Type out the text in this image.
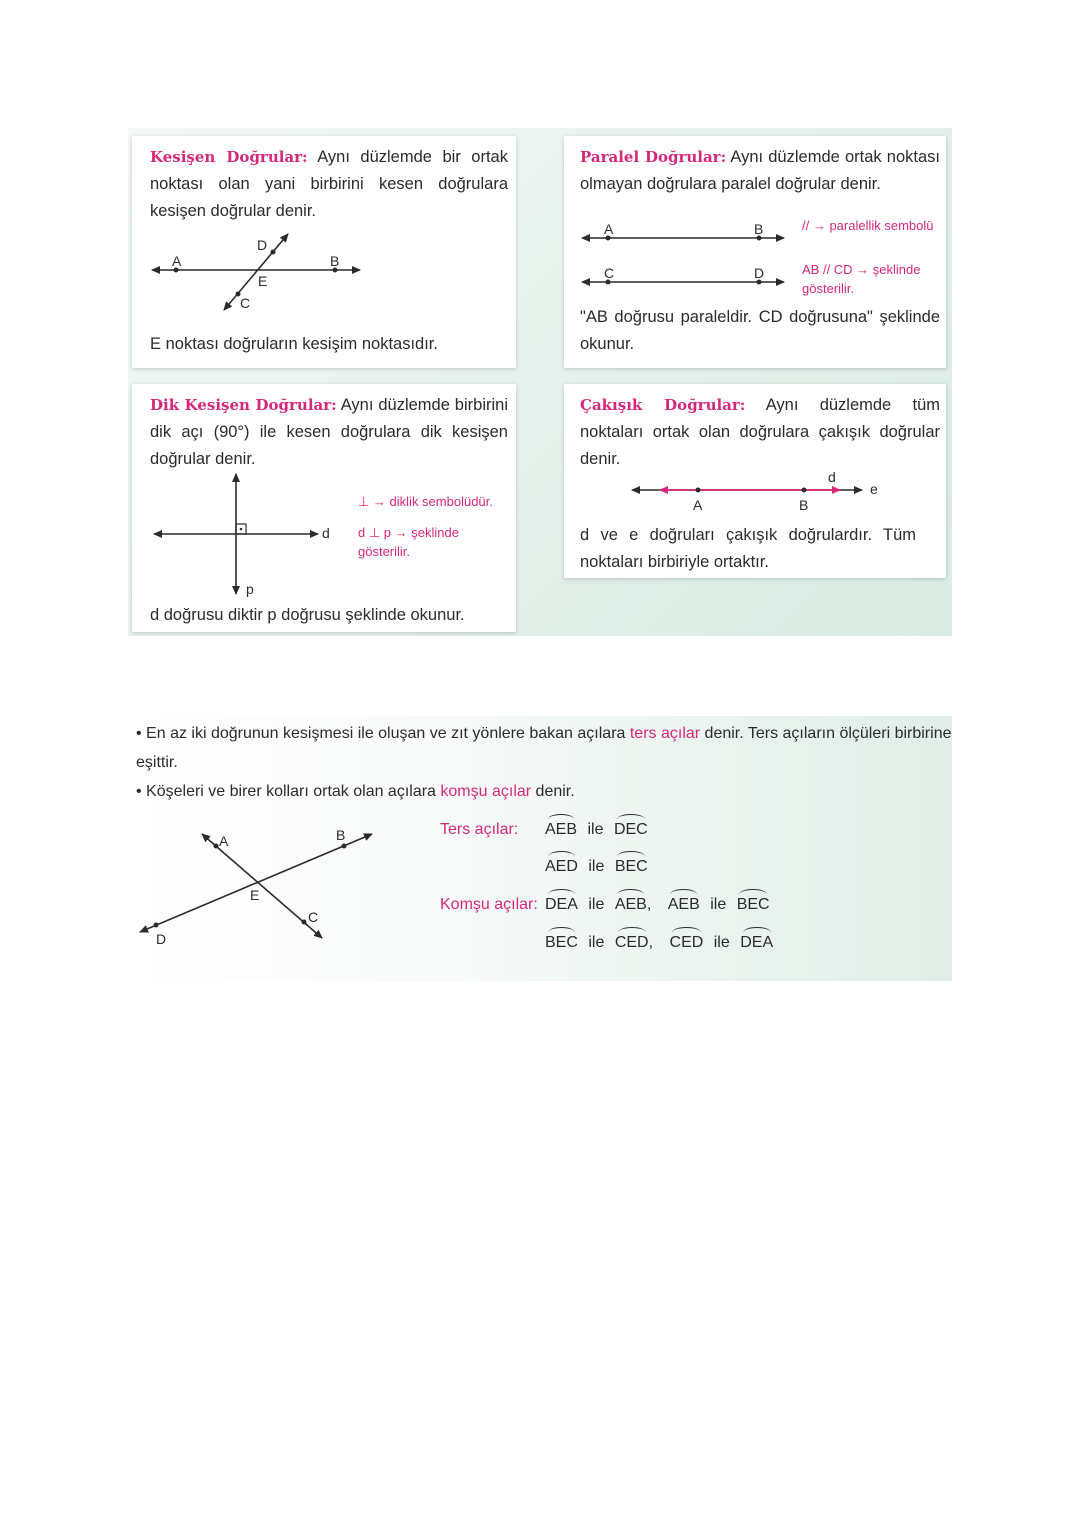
Kesişen Doğrular: Aynı düzlemde bir ortak noktası olan yani birbirini kesen doğrulara kesişen doğrular denir.
A	B
D
E
C
E noktası doğruların kesişim noktasıdır.
Paralel Doğrular: Aynı düzlemde ortak noktası olmayan doğrulara paralel doğrular denir.
A	B
C	D
// → paralellik sembolü
AB // CD → şeklinde gösterilir.
"AB doğrusu paraleldir. CD doğrusuna" şeklinde okunur.
Dik Kesişen Doğrular: Aynı düzlemde birbirini dik açı (90°) ile kesen doğrulara dik kesişen doğrular denir.
d
p
⊥ → diklik sembolüdür.
d ⊥ p → şeklinde gösterilir.
d doğrusu diktir p doğrusu şeklinde okunur.
Çakışık Doğrular: Aynı düzlemde tüm noktaları ortak olan doğrulara çakışık doğrular denir.
A	B
d
e
d ve e doğruları çakışık doğrulardır. Tüm noktaları birbiriyle ortaktır.
• En az iki doğrunun kesişmesi ile oluşan ve zıt yönlere bakan açılara ters açılar denir. Ters açıların ölçüleri birbirine eşittir.
• Köşeleri ve birer kolları ortak olan açılara komşu açılar denir.
A	B
E
C
D
Ters açılar: AEB ile DEC
AED ile BEC
Komşu açılar: DEA ile AEB, AEB ile BEC
BEC ile CED, CED ile DEA
